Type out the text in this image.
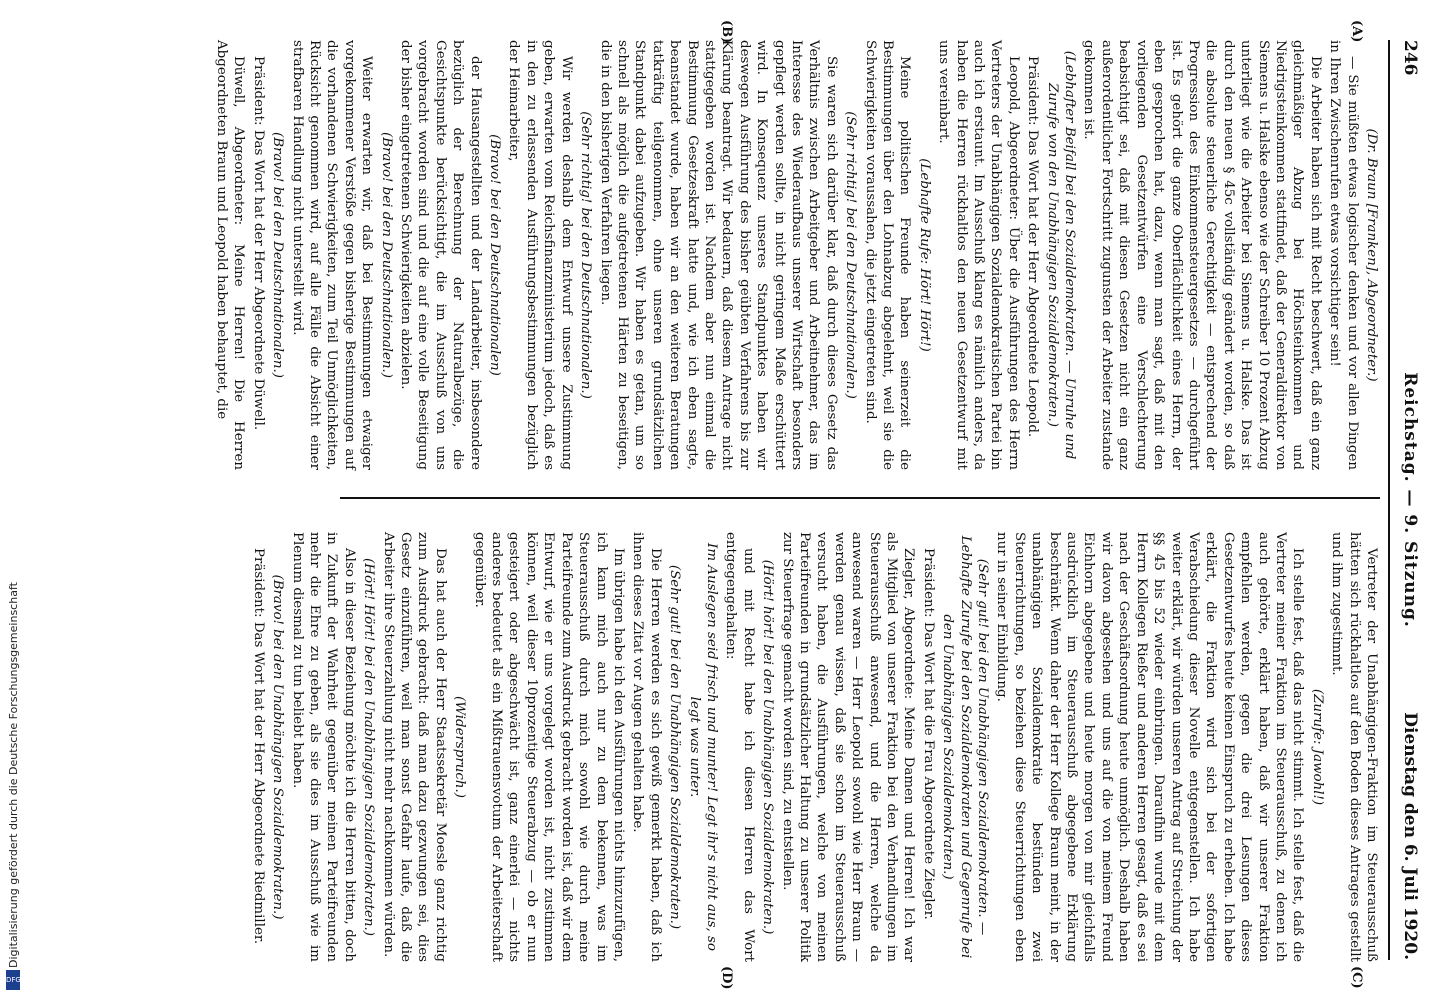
246
Reichstag. — 9. Sitzung.
Dienstag den 6. Juli 1920.
(A)
(B)
(C)
(D)

(Dr. Braun [Franken], Abgeordneter.)

— Sie müßten etwas logischer denken und vor allen Dingen in Ihren Zwischenrufen etwas vorsichtiger sein!

Die Arbeiter haben sich mit Recht beschwert, daß ein ganz gleichmäßiger Abzug bei Höchsteinkommen und Niedrigsteinkommen stattfindet, daß der Generaldirektor von Siemens u. Halske ebenso wie der Schreiber 10 Prozent Abzug unterliegt wie die Arbeiter bei Siemens u. Halske. Das ist durch den neuen § 45c vollständig geändert worden, so daß die absolute steuerliche Gerechtigkeit — entsprechend der Progression des Einkommensteuergesetzes — durchgeführt ist. Es gehört die ganze Oberflächlichkeit eines Herrn, der eben gesprochen hat, dazu, wenn man sagt, daß mit den vorliegenden Gesetzentwürfen eine Verschlechterung beabsichtigt sei, daß mit diesen Gesetzen nicht ein ganz außerordentlicher Fortschritt zugunsten der Arbeiter zustande gekommen ist.

(Lebhafter Beifall bei den Sozialdemokraten. — Unruhe und Zurufe von den Unabhängigen Sozialdemokraten.)

Präsident: Das Wort hat der Herr Abgeordnete Leopold.

Leopold, Abgeordneter: Über die Ausführungen des Herrn Vertreters der Unabhängigen Sozialdemokratischen Partei bin auch ich erstaunt. Im Ausschuß klang es nämlich anders, da haben die Herren rückhaltlos den neuen Gesetzentwurf mit uns vereinbart.

(Lebhafte Rufe: Hört! Hört!)

Meine politischen Freunde haben seinerzeit die Bestimmungen über den Lohnabzug abgelehnt, weil sie die Schwierigkeiten voraussahen, die jetzt eingetreten sind.

(Sehr richtig! bei den Deutschnationalen.)

Sie waren sich darüber klar, daß durch dieses Gesetz das Verhältnis zwischen Arbeitgeber und Arbeitnehmer, das im Interesse des Wiederaufbaus unserer Wirtschaft besonders gepflegt werden sollte, in nicht geringem Maße erschüttert wird. In Konsequenz unseres Standpunktes haben wir deswegen Ausführung des bisher geübten Verfahrens bis zur Klärung beantragt. Wir bedauern, daß diesem Antrage nicht stattgegeben worden ist. Nachdem aber nun einmal die Bestimmung Gesetzeskraft hatte und, wie ich eben sagte, beanstandet wurde, haben wir an den weiteren Beratungen tatkräftig teilgenommen, ohne unseren grundsätzlichen Standpunkt dabei aufzugeben. Wir haben es getan, um so schnell als möglich die aufgetretenen Härten zu beseitigen, die in den bisherigen Verfahren liegen.

(Sehr richtig! bei den Deutschnationalen.)

Wir werden deshalb dem Entwurf unsere Zustimmung geben, erwarten vom Reichsfinanzministerium jedoch, daß es in den zu erlassenden Ausführungsbestimmungen bezüglich der Heimarbeiter,

(Bravo! bei den Deutschnationalen)

der Hausangestellten und der Landarbeiter, insbesondere bezüglich der Berechnung der Naturalbezüge, die Gesichtspunkte berücksichtigt, die im Ausschuß von uns vorgebracht worden sind und die auf eine volle Beseitigung der bisher eingetretenen Schwierigkeiten abzielen.

(Bravo! bei den Deutschnationalen.)

Weiter erwarten wir, daß bei Bestimmungen etwaiger vorgekommener Verstöße gegen bisherige Bestimmungen auf die vorhandenen Schwierigkeiten, zum Teil Unmöglichkeiten, Rücksicht genommen wird, auf alle Fälle die Absicht einer strafbaren Handlung nicht unterstellt wird.

(Bravo! bei den Deutschnationalen.)

Präsident: Das Wort hat der Herr Abgeordnete Düwell.

Düwell, Abgeordneter: Meine Herren! Die Herren Abgeordneten Braun und Leopold haben behauptet, die

Vertreter der Unabhängigen-Fraktion im Steuerausschuß hätten sich rückhaltlos auf den Boden dieses Antrages gestellt und ihm zugestimmt.

(Zurufe: Jawohl!)

Ich stelle fest, daß das nicht stimmt. Ich stelle fest, daß die Vertreter meiner Fraktion im Steuerausschuß, zu denen ich auch gehörte, erklärt haben, daß wir unserer Fraktion empfehlen werden, gegen die drei Lesungen dieses Gesetzentwurfes heute keinen Einspruch zu erheben. Ich habe erklärt, die Fraktion wird sich bei der sofortigen Verabschiedung dieser Novelle entgegenstellen. Ich habe weiter erklärt, wir würden unseren Antrag auf Streichung der §§ 45 bis 52 wieder einbringen. Daraufhin wurde mit dem Herrn Kollegen Rießer und anderen Herren gesagt, daß es sei nach der Geschäftsordnung heute unmöglich. Deshalb haben wir davon abgesehen und uns auf die von meinem Freund Eichhorn abgegebene und heute morgen von mir gleichfalls ausdrücklich im Steuerausschuß abgegebene Erklärung beschränkt. Wenn daher der Herr Kollege Braun meint, in der unabhängigen Sozialdemokratie bestünden zwei Steuerrichtungen, so beziehen diese Steuerrichtungen eben nur in seiner Einbildung.

(Sehr gut! bei den Unabhängigen Sozialdemokraten. — Lebhafte Zurufe bei den Sozialdemokraten und Gegenrufe bei den Unabhängigen Sozialdemokraten.)

Präsident: Das Wort hat die Frau Abgeordnete Ziegler.

Ziegler, Abgeordnete: Meine Damen und Herren! Ich war als Mitglied von unserer Fraktion bei den Verhandlungen im Steuerausschuß anwesend, und die Herren, welche da anwesend waren — Herr Leopold sowohl wie Herr Braun — werden genau wissen, daß sie schon im Steuerausschuß versucht haben, die Ausführungen, welche von meinen Parteifreunden in grundsätzlicher Haltung zu unserer Politik zur Steuerfrage gemacht worden sind, zu entstellen.

(Hört! hört! bei den Unabhängigen Sozialdemokraten.)

und mit Recht habe ich diesen Herren das Wort entgegengehalten:

Im Auslegen seid frisch und munter! Legt ihr's nicht aus, so legt was unter.

(Sehr gut! bei den Unabhängigen Sozialdemokraten.)

Die Herren werden es sich gewiß gemerkt haben, daß ich ihnen dieses Zitat vor Augen gehalten habe.

Im übrigen habe ich den Ausführungen nichts hinzuzufügen, ich kann mich auch nur zu dem bekennen, was im Steuerausschuß durch mich sowohl wie durch meine Parteifreunde zum Ausdruck gebracht worden ist, daß wir dem Entwurf, wie er uns vorgelegt worden ist, nicht zustimmen können, weil dieser 10prozentige Steuerabzug — ob er nun gesteigert oder abgeschwächt ist, ganz einerlei — nichts anderes bedeutet als ein Mißtrauensvotum der Arbeiterschaft gegenüber.

(Widerspruch.)

Das hat auch der Herr Staatssekretär Moesle ganz richtig zum Ausdruck gebracht: daß man dazu gezwungen sei, dies Gesetz einzuführen, weil man sonst Gefahr laufe, daß die Arbeiter ihre Steuerzahlung nicht mehr nachkommen würden.

(Hört! Hört! bei den Unabhängigen Sozialdemokraten.)

Also in dieser Beziehung möchte ich die Herren bitten, doch in Zukunft der Wahrheit gegenüber meinen Parteifreunden mehr die Ehre zu geben, als sie dies im Ausschuß wie im Plenum diesmal zu tun beliebt haben.

(Bravo! bei den Unabhängigen Sozialdemokraten.)

Präsident: Das Wort hat der Herr Abgeordnete Riedmiller.

DFG
Digitalisierung gefördert durch die Deutsche Forschungsgemeinschaft
